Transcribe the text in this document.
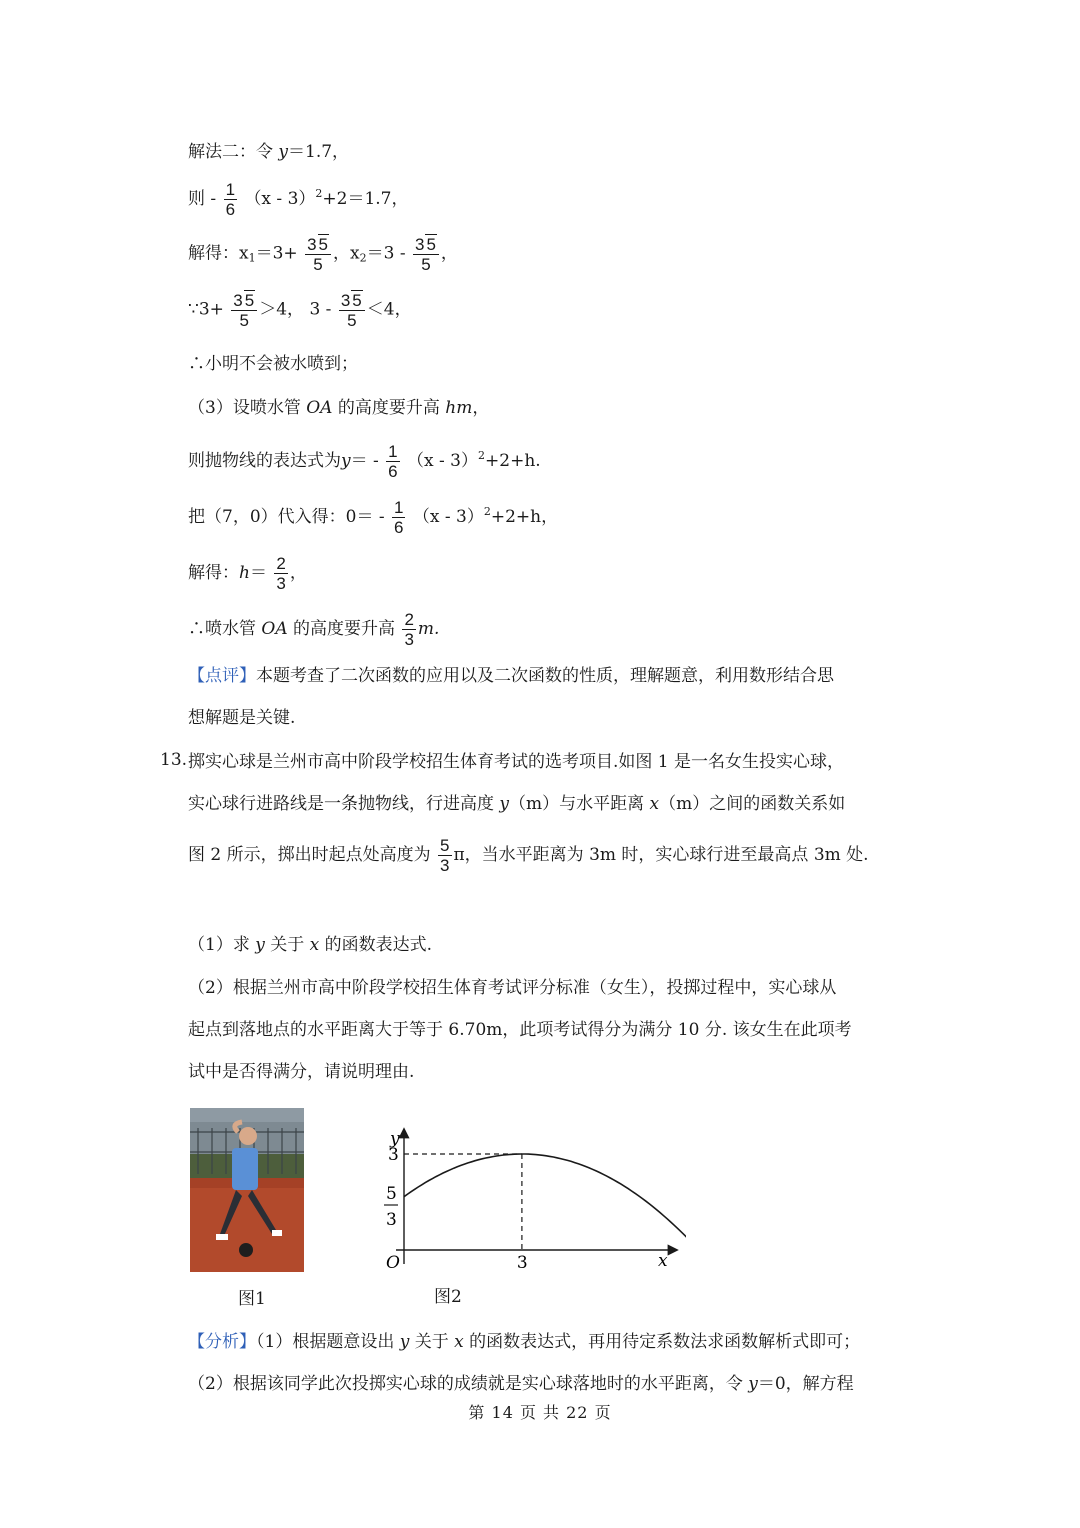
解法二：令 y＝1.7，
则 - $\frac{1}{6} (x - 3)^2+2=1.7$，
解得：$x_1=3+ \frac{3 5}{5}$ ，$x_2=3 - \frac{3 5}{5}$ ，
∵3+ $\frac{3 5}{5} >4$， $3 - \frac{3 5}{5} <4$，
∴小明不会被水喷到；
（3）设喷水管 OA 的高度要升高 hm，
则抛物线的表达式为$y= - \frac{1}{6} (x - 3)^2+2+h$.
把（7，0）代入得：$0= - \frac{1}{6} (x - 3)^2+2+h$，
解得：$h= \frac{2}{3}$ ，
∴喷水管 OA 的高度要升高 $\frac{2}{3} m$.
【点评】本题考查了二次函数的应用以及二次函数的性质，理解题意，利用数形结合思
想解题是关键.
13. 掷实心球是兰州市高中阶段学校招生体育考试的选考项目.如图 1 是一名女生投实心球，
实心球行进路线是一条抛物线，行进高度 y（m）与水平距离 x（m）之间的函数关系如
图 2 所示，掷出时起点处高度为 $\frac{5}{3}$ π，当水平距离为 3m 时，实心球行进至最高点 3m 处.
（1）求 y 关于 x 的函数表达式.
（2）根据兰州市高中阶段学校招生体育考试评分标准（女生），投掷过程中，实心球从
起点到落地点的水平距离大于等于 6.70m，此项考试得分为满分 10 分. 该女生在此项考
试中是否得满分，请说明理由.
图1
y
x
O
3
5
3
3
图2
【分析】（1）根据题意设出 y 关于 x 的函数表达式，再用待定系数法求函数解析式即可；
（2）根据该同学此次投掷实心球的成绩就是实心球落地时的水平距离，令 y＝0，解方程
第 14 页 共 22 页
